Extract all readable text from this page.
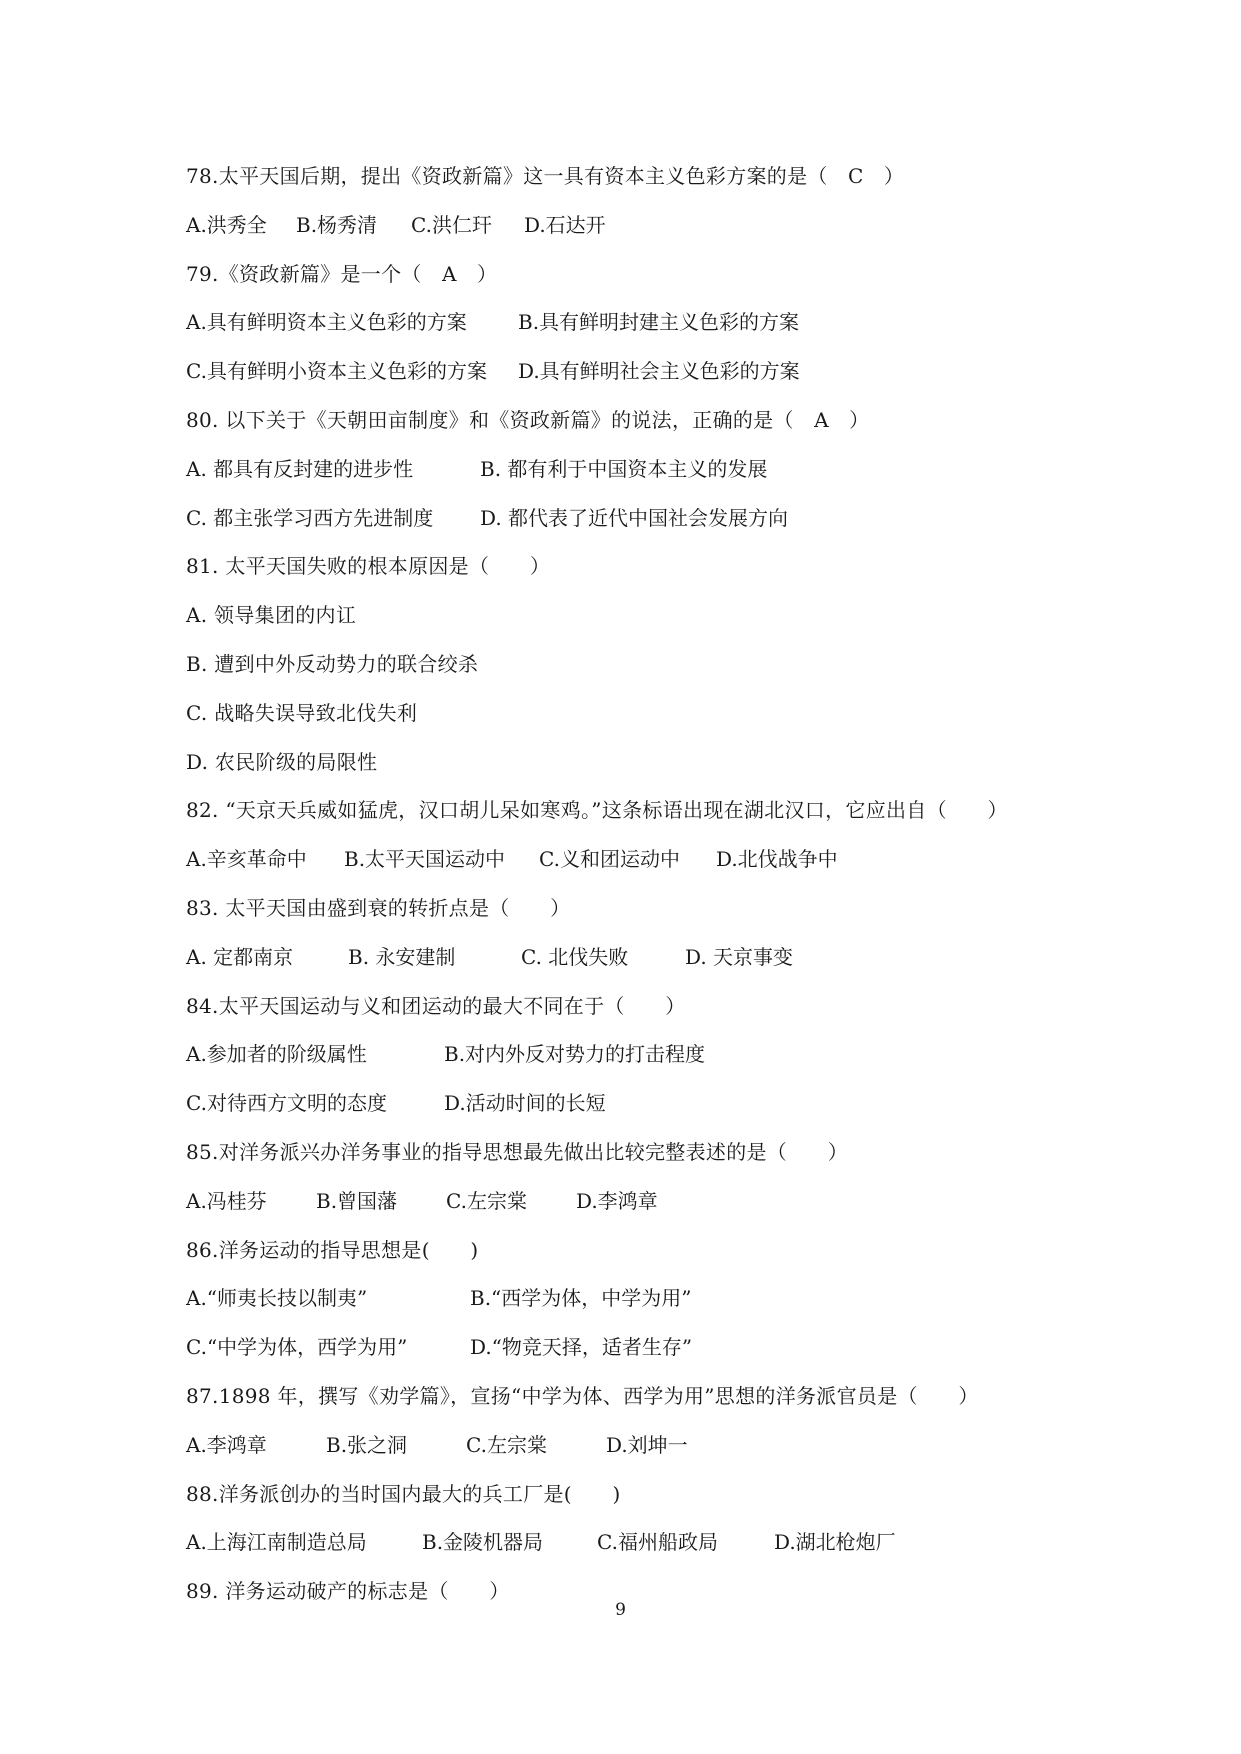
78.太平天国后期，提出《资政新篇》这一具有资本主义色彩方案的是（　C　）
A.洪秀全	B.杨秀清	C.洪仁玕	D.石达开
79.《资政新篇》是一个（　A　）
A.具有鲜明资本主义色彩的方案	B.具有鲜明封建主义色彩的方案
C.具有鲜明小资本主义色彩的方案	D.具有鲜明社会主义色彩的方案
80. 以下关于《天朝田亩制度》和《资政新篇》的说法，正确的是（　A　）
A. 都具有反封建的进步性	B. 都有利于中国资本主义的发展
C. 都主张学习西方先进制度	D. 都代表了近代中国社会发展方向
81. 太平天国失败的根本原因是（　　）
A. 领导集团的内讧
B. 遭到中外反动势力的联合绞杀
C. 战略失误导致北伐失利
D. 农民阶级的局限性
82. “天京天兵威如猛虎，汉口胡儿呆如寒鸡。”这条标语出现在湖北汉口，它应出自（　　）
A.辛亥革命中	B.太平天国运动中	C.义和团运动中	D.北伐战争中
83. 太平天国由盛到衰的转折点是（　　）
A. 定都南京	B. 永安建制	C. 北伐失败	D. 天京事变
84.太平天国运动与义和团运动的最大不同在于（　　）
A.参加者的阶级属性	B.对内外反对势力的打击程度
C.对待西方文明的态度	D.活动时间的长短
85.对洋务派兴办洋务事业的指导思想最先做出比较完整表述的是（　　）
A.冯桂芬	B.曾国藩	C.左宗棠	D.李鸿章
86.洋务运动的指导思想是(　　)
A.“师夷长技以制夷”	B.“西学为体，中学为用”
C.“中学为体，西学为用”	D.“物竞天择，适者生存”
87.1898 年，撰写《劝学篇》，宣扬“中学为体、西学为用”思想的洋务派官员是（　　）
A.李鸿章	B.张之洞	C.左宗棠	D.刘坤一
88.洋务派创办的当时国内最大的兵工厂是(　　)
A.上海江南制造总局	B.金陵机器局	C.福州船政局	D.湖北枪炮厂
89. 洋务运动破产的标志是（　　）
9
